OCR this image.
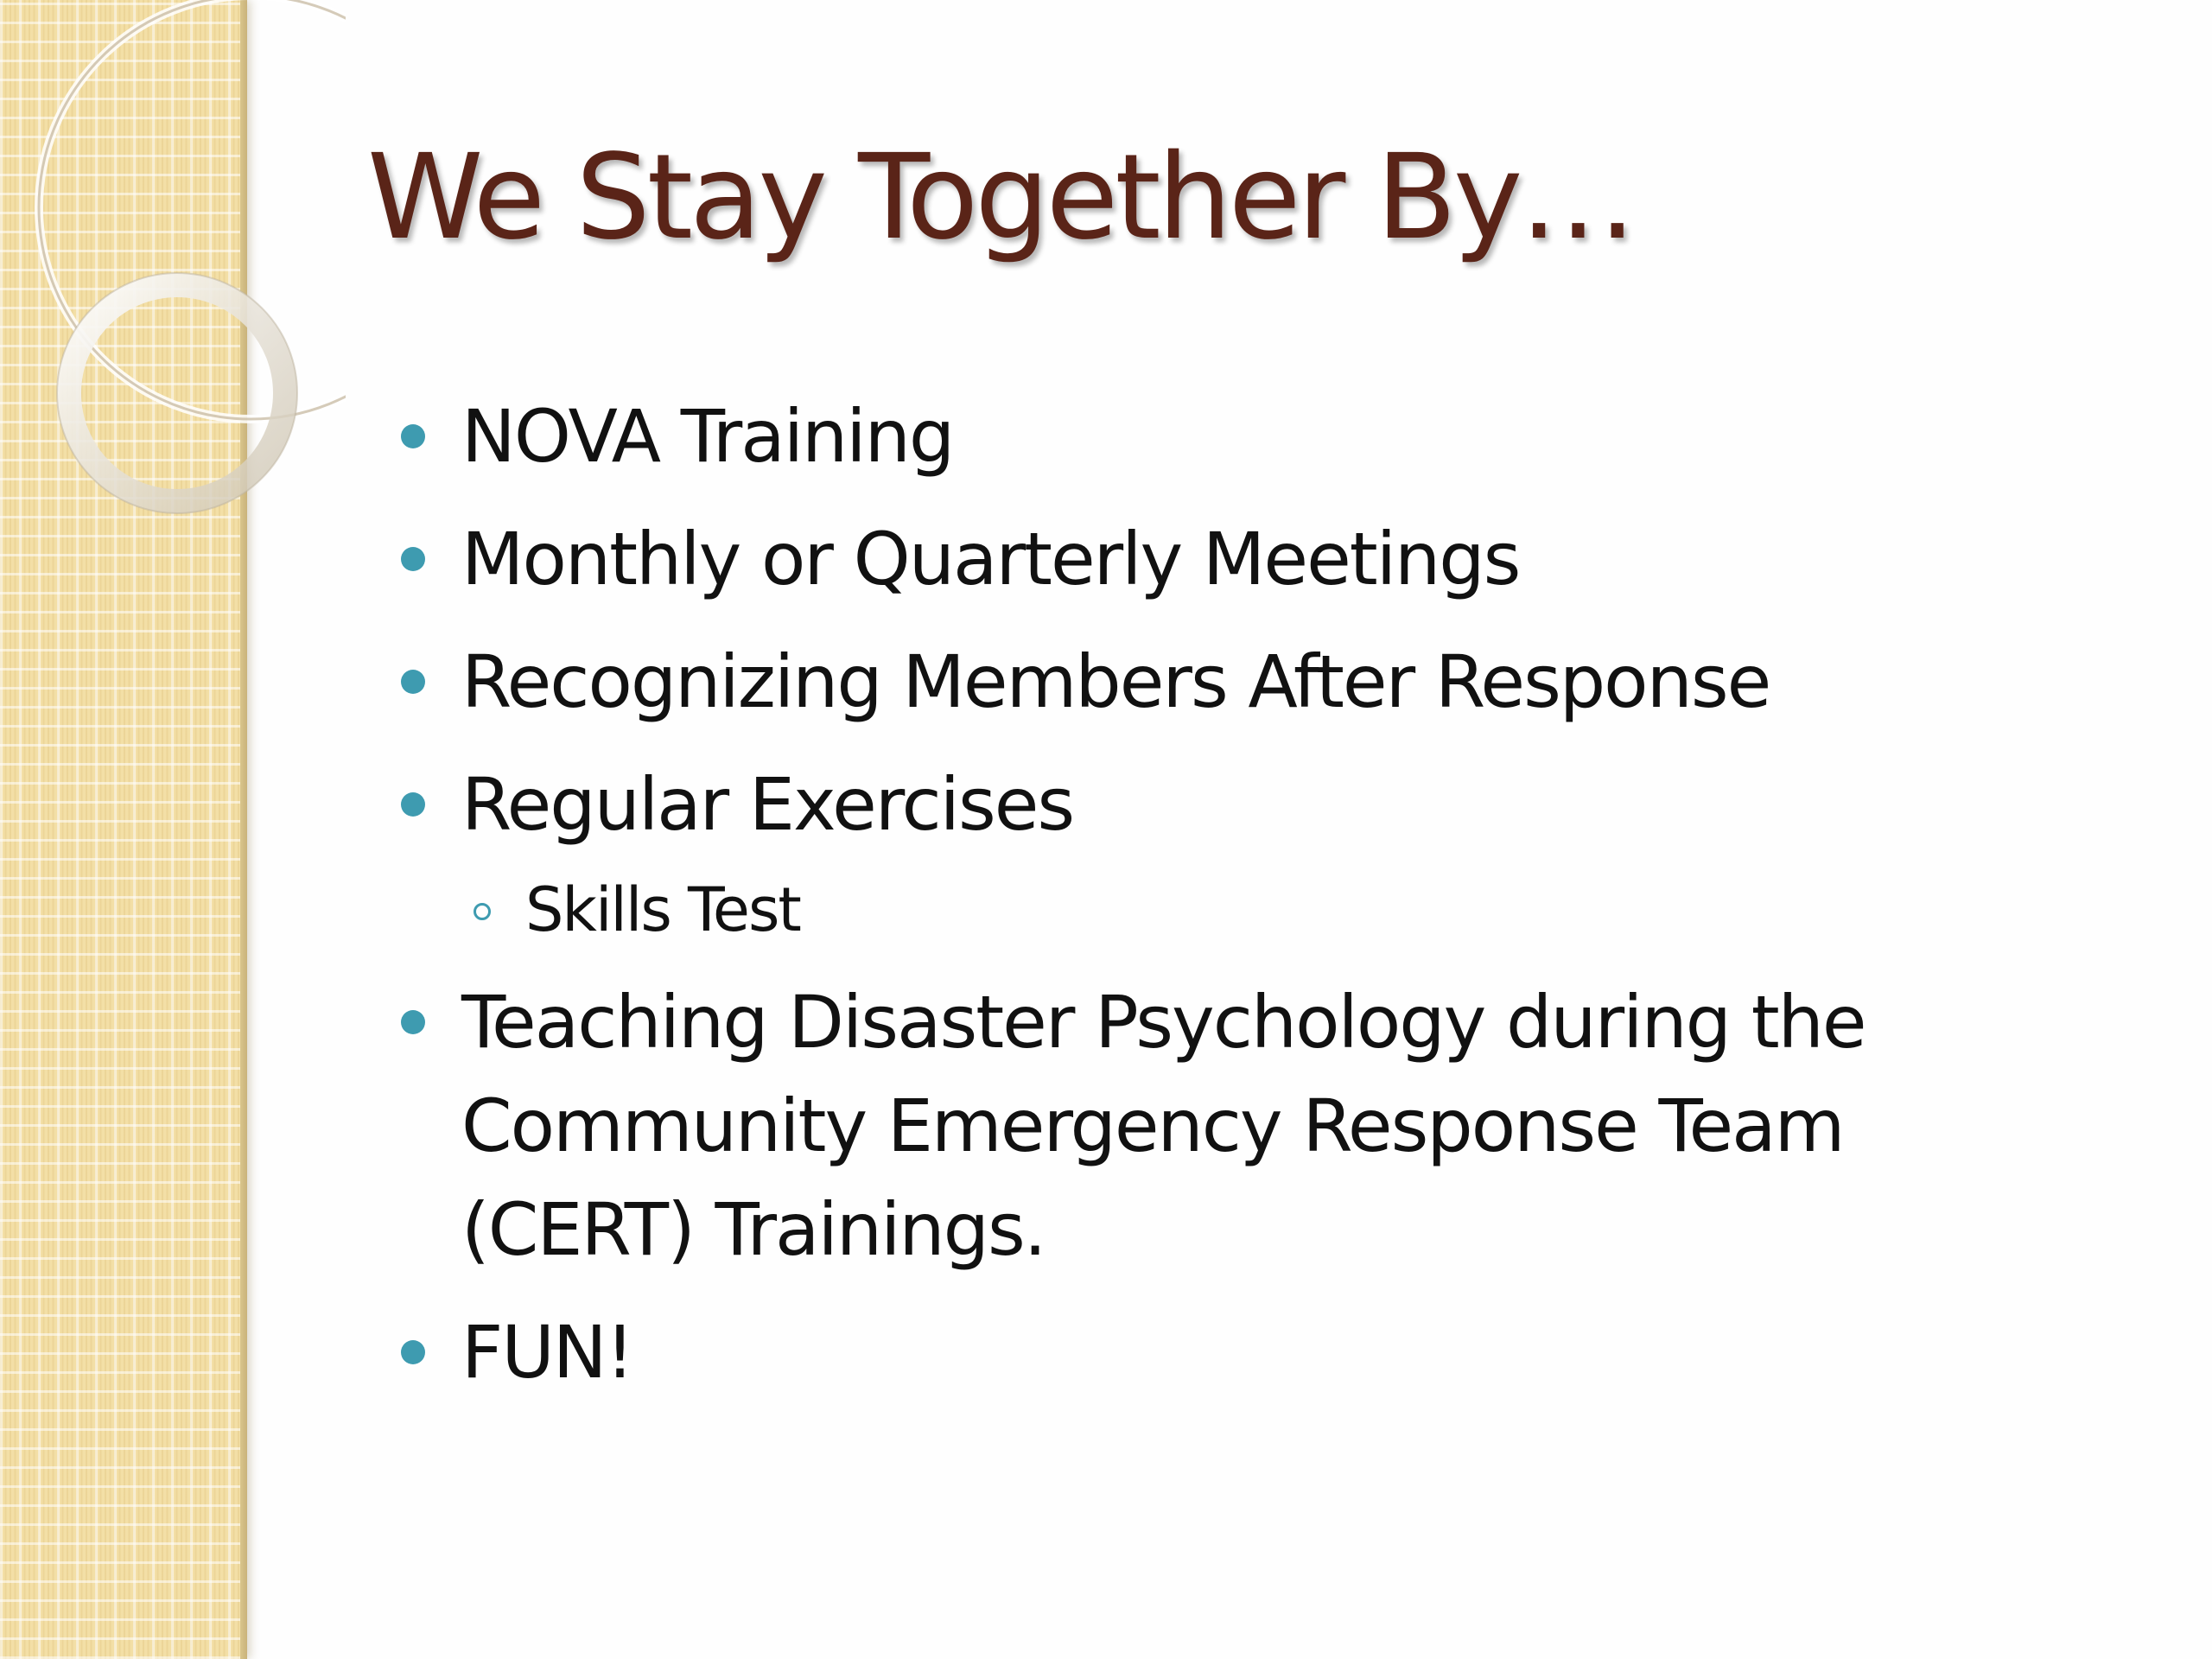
We Stay Together By…
NOVA Training
Monthly or Quarterly Meetings
Recognizing Members After Response
Regular Exercises
Skills Test
Teaching Disaster Psychology during the Community Emergency Response Team (CERT) Trainings.
FUN!
